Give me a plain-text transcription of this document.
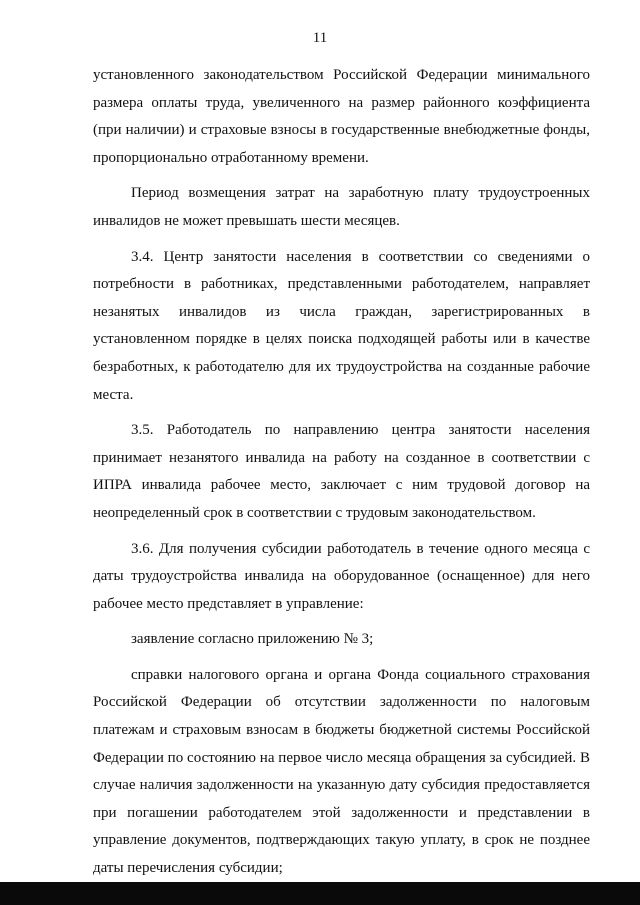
11

установленного законодательством Российской Федерации минимального размера оплаты труда, увеличенного на размер районного коэффициента (при наличии) и страховые взносы в государственные внебюджетные фонды, пропорционально отработанному времени.

Период возмещения затрат на заработную плату трудоустроенных инвалидов не может превышать шести месяцев.

3.4. Центр занятости населения в соответствии со сведениями о потребности в работниках, представленными работодателем, направляет незанятых инвалидов из числа граждан, зарегистрированных в установленном порядке в целях поиска подходящей работы или в качестве безработных, к работодателю для их трудоустройства на созданные рабочие места.

3.5. Работодатель по направлению центра занятости населения принимает незанятого инвалида на работу на созданное в соответствии с ИПРА инвалида рабочее место, заключает с ним трудовой договор на неопределенный срок в соответствии с трудовым законодательством.

3.6. Для получения субсидии работодатель в течение одного месяца с даты трудоустройства инвалида на оборудованное (оснащенное) для него рабочее место представляет в управление:

заявление согласно приложению № 3;

справки налогового органа и органа Фонда социального страхования Российской Федерации об отсутствии задолженности по налоговым платежам и страховым взносам в бюджеты бюджетной системы Российской Федерации по состоянию на первое число месяца обращения за субсидией. В случае наличия задолженности на указанную дату субсидия предоставляется при погашении работодателем этой задолженности и представлении в управление документов, подтверждающих такую уплату, в срок не позднее даты перечисления субсидии;
